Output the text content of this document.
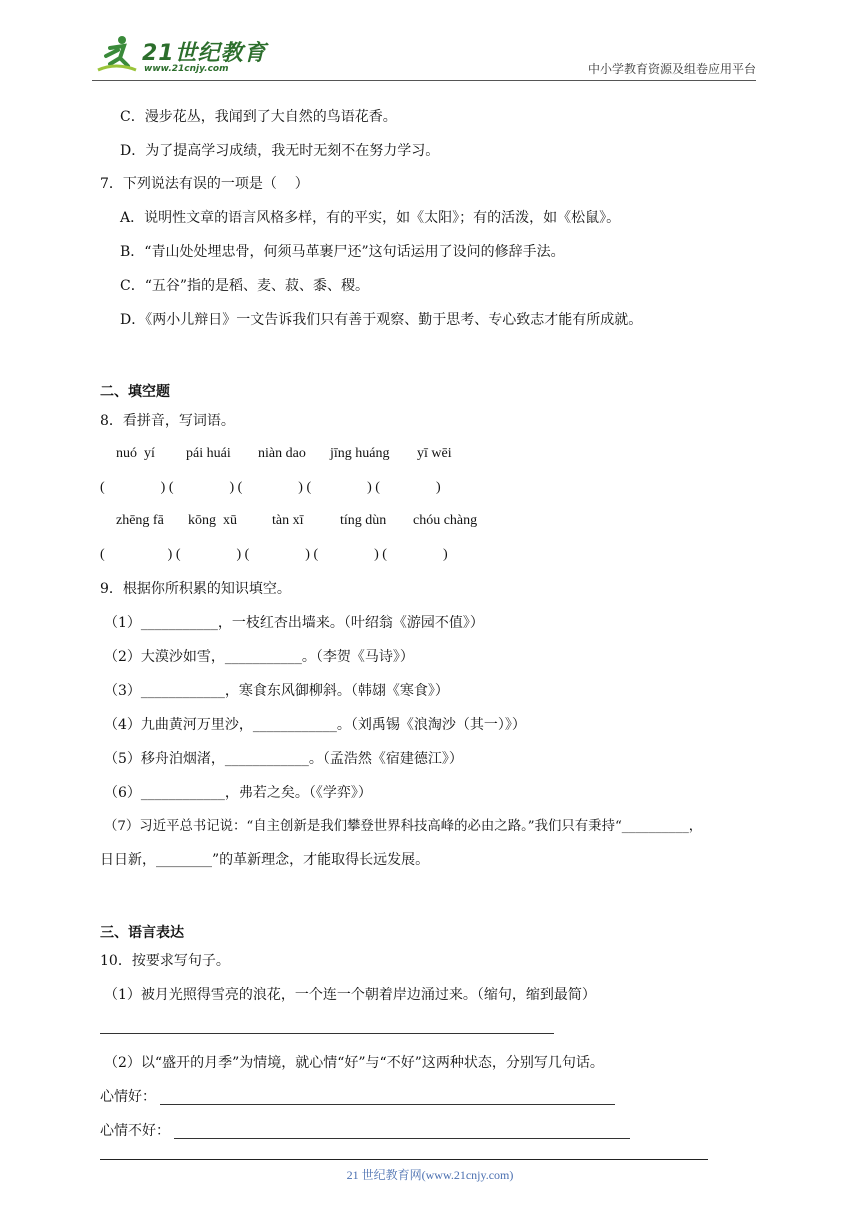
21世纪教育
www.21cnjy.com	中小学教育资源及组卷应用平台
C．漫步花丛，我闻到了大自然的鸟语花香。
D．为了提高学习成绩，我无时无刻不在努力学习。
7．下列说法有误的一项是（    ）
A．说明性文章的语言风格多样，有的平实，如《太阳》；有的活泼，如《松鼠》。
B．“青山处处埋忠骨，何须马革裹尸还”这句话运用了设问的修辞手法。
C．“五谷”指的是稻、麦、菽、黍、稷。
D．《两小儿辩日》一文告诉我们只有善于观察、勤于思考、专心致志才能有所成就。
二、填空题
8．看拼音，写词语。
nuó  yí pái huái niàn dao jīng huáng yī wēi
(                ) (                ) (                ) (                ) (                )
zhēng fā kōng  xū	tàn xī	tíng dùn chóu chàng
(                  ) (                ) (                ) (                ) (                )
9．根据你所积累的知识填空。
（1）___________，一枝红杏出墙来。（叶绍翁《游园不值》）
（2）大漠沙如雪，___________。（李贺《马诗》）
（3）____________，寒食东风御柳斜。（韩翃《寒食》）
（4）九曲黄河万里沙，____________。（刘禹锡《浪淘沙（其一）》）
（5）移舟泊烟渚，____________。（孟浩然《宿建德江》）
（6）____________，弗若之矣。（《学弈》）
（7）习近平总书记说：“自主创新是我们攀登世界科技高峰的必由之路。”我们只有秉持“__________，
日日新，________”的革新理念，才能取得长远发展。
三、语言表达
10．按要求写句子。
（1）被月光照得雪亮的浪花，一个连一个朝着岸边涌过来。（缩句，缩到最简）
（2）以“盛开的月季”为情境，就心情“好”与“不好”这两种状态，分别写几句话。
心情好：
心情不好：
21 世纪教育网(www.21cnjy.com)
